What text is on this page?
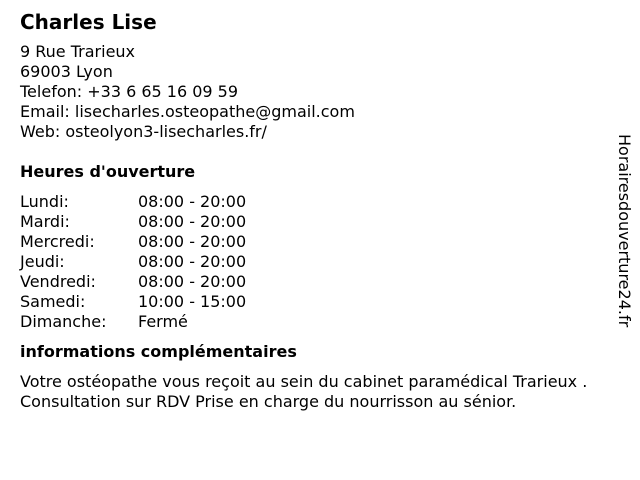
Charles Lise
9 Rue Trarieux
69003 Lyon
Telefon: +33 6 65 16 09 59
Email: lisecharles.osteopathe@gmail.com
Web: osteolyon3-lisecharles.fr/
Heures d'ouverture
Lundi:	08:00 - 20:00
Mardi:	08:00 - 20:00
Mercredi:	08:00 - 20:00
Jeudi:	08:00 - 20:00
Vendredi:	08:00 - 20:00
Samedi:	10:00 - 15:00
Dimanche:	Fermé
informations complémentaires
Votre ostéopathe vous reçoit au sein du cabinet paramédical Trarieux . Consultation sur RDV Prise en charge du nourrisson au sénior.
Horairesdouverture24.fr
